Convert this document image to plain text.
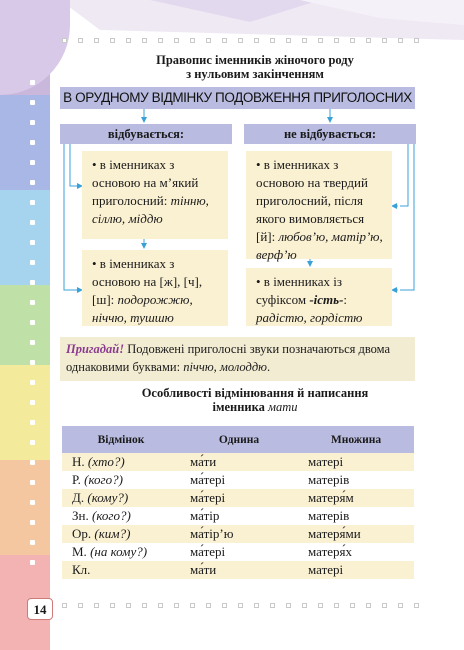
Правопис іменників жіночого роду
з нульовим закінченням
В ОРУДНОМУ ВІДМІНКУ ПОДОВЖЕННЯ ПРИГОЛОСНИХ
відбувається:	не відбувається:
• в іменниках з основою на м’який приголосний: тінню, сіллю, міддю
• в іменниках з основою на [ж], [ч], [ш]: подорожжю, ніччю, тушшю
• в іменниках з основою на твердий приголосний, після якого вимовляється [й]: любов’ю, матір’ю, верф’ю
• в іменниках із суфіксом -ість-: радістю, гордістю
Пригадай! Подовжені приголосні звуки позначаються двома однаковими буквами: піччю, молоддю.
Особливості відмінювання й написання
іменника мати
Відмінок	Однина	Множина
Н. (хто?)	ма́ти	матері
Р. (кого?)	ма́тері	матерів
Д. (кому?)	ма́тері	матеря́м
Зн. (кого?)	ма́тір	матерів
Ор. (ким?)	ма́тір’ю	матеря́ми
М. (на кому?)	ма́тері	матеря́х
Кл.	ма́ти	матері
14
